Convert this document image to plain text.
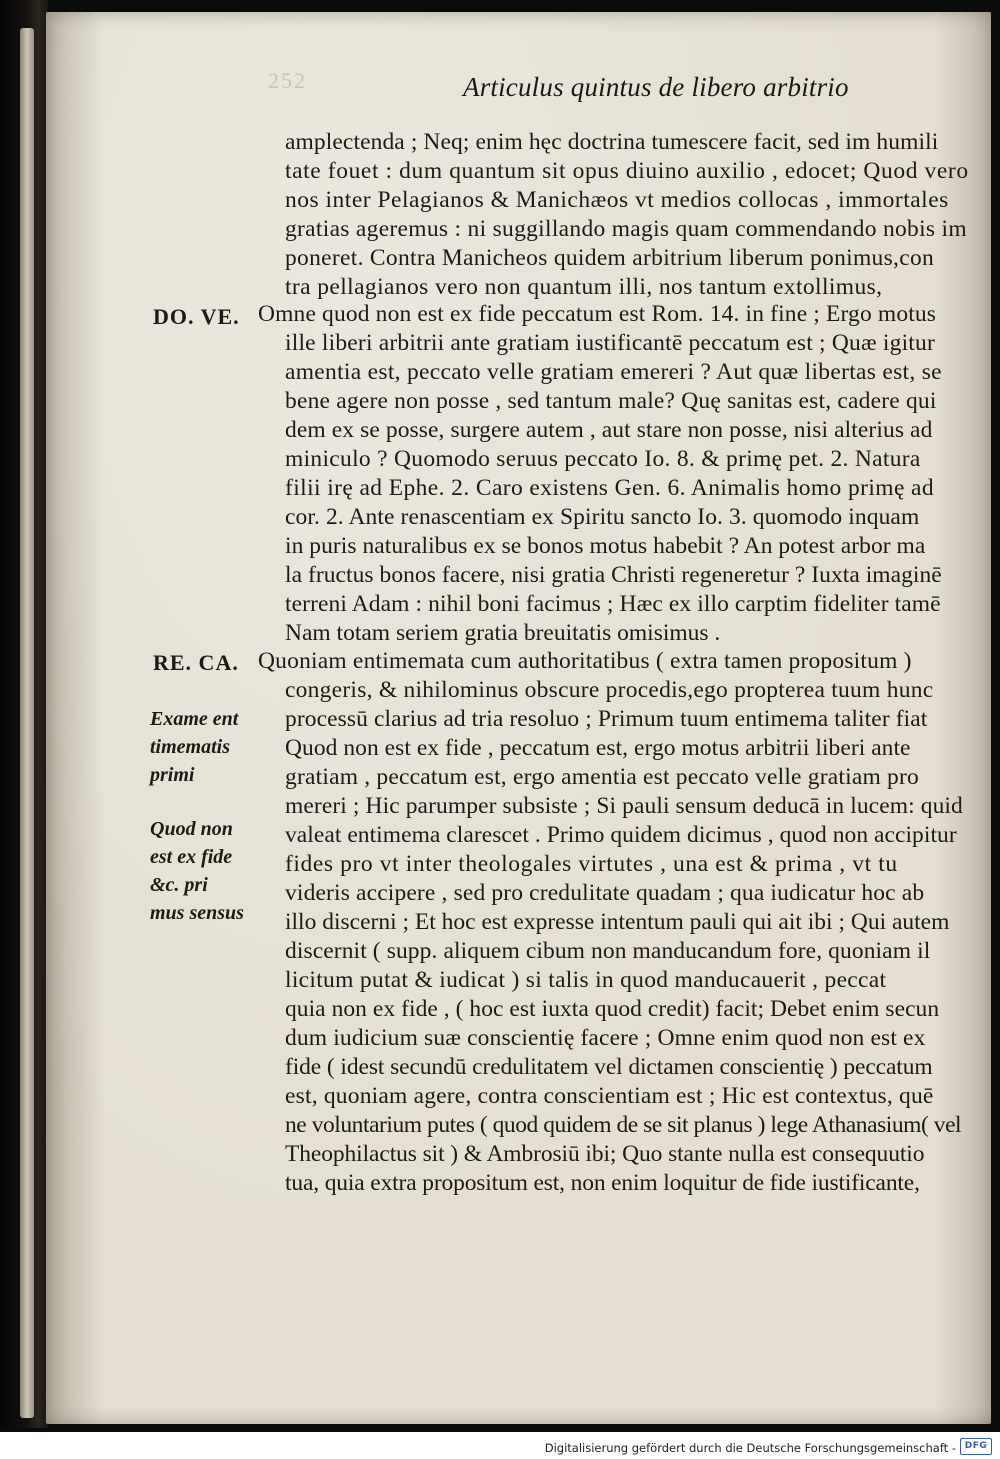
252	Articulus quintus de libero arbitrio
amplectenda ; Neq; enim hęc doctrina tumescere facit, sed im humili
tate fouet : dum quantum sit opus diuino auxilio , edocet; Quod vero
nos inter Pelagianos & Manichæos vt medios collocas , immortales
gratias ageremus : ni suggillando magis quam commendando nobis im
poneret. Contra Manicheos quidem arbitrium liberum ponimus,con
tra pellagianos vero non quantum illi, nos tantum extollimus,
DO. VE. Omne quod non est ex fide peccatum est Rom. 14. in fine ; Ergo motus
ille liberi arbitrii ante gratiam iustificantē peccatum est ; Quæ igitur
amentia est, peccato velle gratiam emereri ? Aut quæ libertas est, se
bene agere non posse , sed tantum male? Quę sanitas est, cadere qui
dem ex se posse, surgere autem , aut stare non posse, nisi alterius ad
miniculo ? Quomodo seruus peccato Io. 8. & primę pet. 2. Natura
filii irę ad Ephe. 2. Caro existens Gen. 6. Animalis homo primę ad
cor. 2. Ante renascentiam ex Spiritu sancto Io. 3. quomodo inquam
in puris naturalibus ex se bonos motus habebit ? An potest arbor ma
la fructus bonos facere, nisi gratia Christi regeneretur ? Iuxta imaginē
terreni Adam : nihil boni facimus ; Hæc ex illo carptim fideliter tamē
Nam totam seriem gratia breuitatis omisimus .
RE. CA. Quoniam entimemata cum authoritatibus ( extra tamen propositum )
congeris, & nihilominus obscure procedis,ego propterea tuum hunc
processū clarius ad tria resoluo ; Primum tuum entimema taliter fiat
Quod non est ex fide , peccatum est, ergo motus arbitrii liberi ante
gratiam , peccatum est, ergo amentia est peccato velle gratiam pro
mereri ; Hic parumper subsiste ; Si pauli sensum deducā in lucem: quid
valeat entimema clarescet . Primo quidem dicimus , quod non accipitur
fides pro vt inter theologales virtutes , una est & prima , vt tu
videris accipere , sed pro credulitate quadam ; qua iudicatur hoc ab
illo discerni ; Et hoc est expresse intentum pauli qui ait ibi ; Qui autem
discernit ( supp. aliquem cibum non manducandum fore, quoniam il
licitum putat & iudicat ) si talis in quod manducauerit , peccat
quia non ex fide , ( hoc est iuxta quod credit) facit; Debet enim secun
dum iudicium suæ conscientię facere ; Omne enim quod non est ex
fide ( idest secundū credulitatem vel dictamen conscientię ) peccatum
est, quoniam agere, contra conscientiam est ; Hic est contextus, quē
ne voluntarium putes ( quod quidem de se sit planus ) lege Athanasium( vel
Theophilactus sit ) & Ambrosiū ibi; Quo stante nulla est consequutio
tua, quia extra propositum est, non enim loquitur de fide iustificante,
Exame ent
timematis
primi
Quod non
est ex fide
&c. pri
mus sensus
Digitalisierung gefördert durch die Deutsche Forschungsgemeinschaft - DFG
